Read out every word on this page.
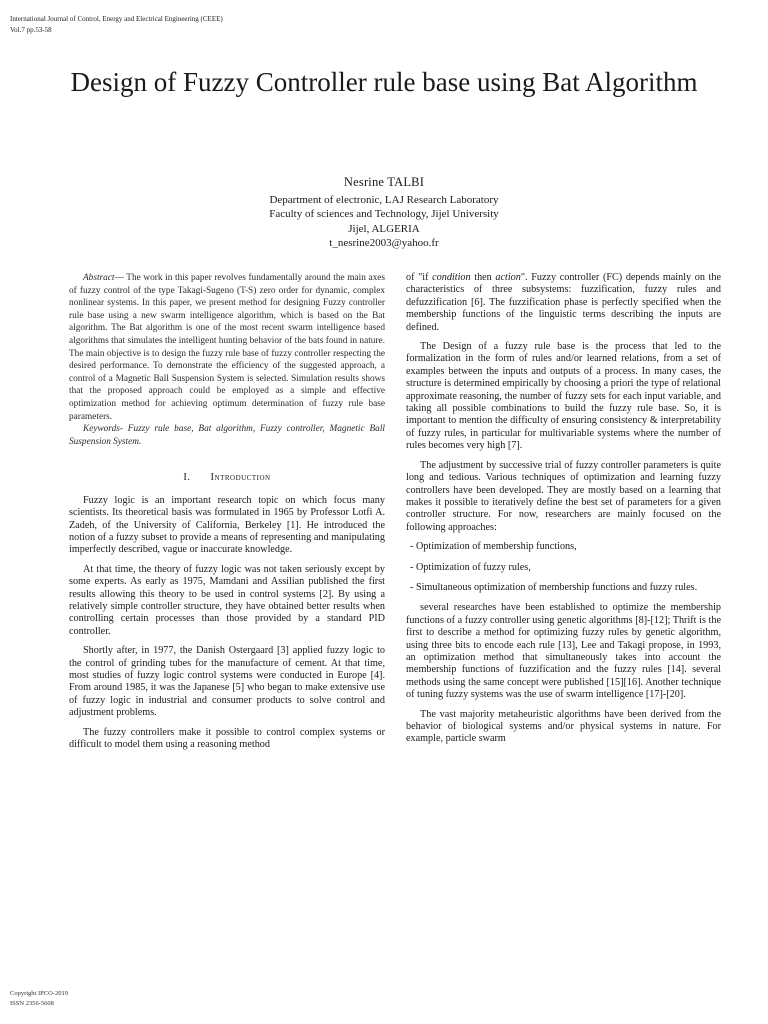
International Journal of Control, Energy and Electrical Engineering (CEEE)
Vol.7 pp.53-58
Design of Fuzzy Controller rule base using Bat Algorithm
Nesrine TALBI
Department of electronic, LAJ Research Laboratory
Faculty of sciences and Technology, Jijel University
Jijel, ALGERIA
t_nesrine2003@yahoo.fr

Abstract— The work in this paper revolves fundamentally around the main axes of fuzzy control of the type Takagi-Sugeno (T-S) zero order for dynamic, complex nonlinear systems. In this paper, we present method for designing Fuzzy controller rule base using a new swarm intelligence algorithm, which is based on the Bat algorithm. The Bat algorithm is one of the most recent swarm intelligence based algorithms that simulates the intelligent hunting behavior of the bats found in nature. The main objective is to design the fuzzy rule base of fuzzy controller respecting the desired performance. To demonstrate the efficiency of the suggested approach, a control of a Magnetic Ball Suspension System is selected. Simulation results shows that the proposed approach could be employed as a simple and effective optimization method for achieving optimum determination of fuzzy rule base parameters.

Keywords- Fuzzy rule base, Bat algorithm, Fuzzy controller, Magnetic Ball Suspension System.

I. Introduction

Fuzzy logic is an important research topic on which focus many scientists. Its theoretical basis was formulated in 1965 by Professor Lotfi A. Zadeh, of the University of California, Berkeley [1]. He introduced the notion of a fuzzy subset to provide a means of representing and manipulating imperfectly described, vague or inaccurate knowledge.

At that time, the theory of fuzzy logic was not taken seriously except by some experts. As early as 1975, Mamdani and Assilian published the first results allowing this theory to be used in control systems [2]. By using a relatively simple controller structure, they have obtained better results when controlling certain processes than those provided by a standard PID controller.

Shortly after, in 1977, the Danish Ostergaard [3] applied fuzzy logic to the control of grinding tubes for the manufacture of cement. At that time, most studies of fuzzy logic control systems were conducted in Europe [4]. From around 1985, it was the Japanese [5] who began to make extensive use of fuzzy logic in industrial and consumer products to solve control and adjustment problems.

The fuzzy controllers make it possible to control complex systems or difficult to model them using a reasoning method

of "if condition then action". Fuzzy controller (FC) depends mainly on the characteristics of three subsystems: fuzzification, fuzzy rules and defuzzification [6]. The fuzzification phase is perfectly specified when the membership functions of the linguistic terms describing the inputs are defined.

The Design of a fuzzy rule base is the process that led to the formalization in the form of rules and/or learned relations, from a set of examples between the inputs and outputs of a process. In many cases, the structure is determined empirically by choosing a priori the type of relational approximate reasoning, the number of fuzzy sets for each input variable, and taking all possible combinations to build the fuzzy rule base. So, it is important to mention the difficulty of ensuring consistency & interpretability of fuzzy rules, in particular for multivariable systems where the number of rules becomes very high [7].

The adjustment by successive trial of fuzzy controller parameters is quite long and tedious. Various techniques of optimization and learning fuzzy controllers have been developed. They are mostly based on a learning that makes it possible to iteratively define the best set of parameters for a given controller structure. For now, researchers are mainly focused on the following approaches:

- Optimization of membership functions,

- Optimization of fuzzy rules,

- Simultaneous optimization of membership functions and fuzzy rules.

several researches have been established to optimize the membership functions of a fuzzy controller using genetic algorithms [8]-[12]; Thrift is the first to describe a method for optimizing fuzzy rules by genetic algorithm, using three bits to encode each rule [13], Lee and Takagi propose, in 1993, an optimization method that simultaneously takes into account the membership functions of fuzzification and the fuzzy rules [14]. several methods using the same concept were published [15][16]. Another technique of tuning fuzzy systems was the use of swarm intelligence [17]-[20].

The vast majority metaheuristic algorithms have been derived from the behavior of biological systems and/or physical systems in nature. For example, particle swarm

Copyright IPCO-2019
ISSN 2356-5608
